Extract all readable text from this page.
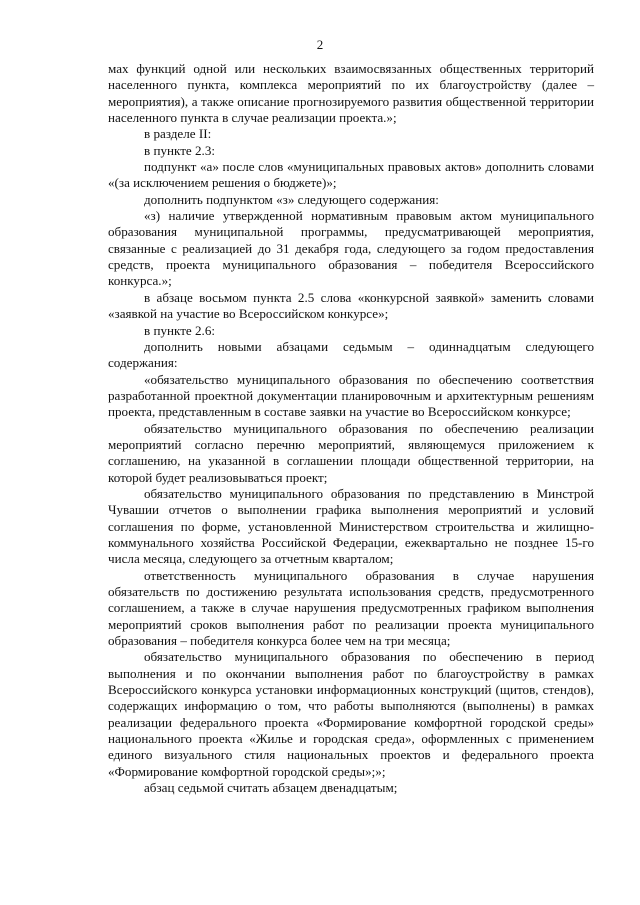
2

мах функций одной или нескольких взаимосвязанных общественных территорий населенного пункта, комплекса мероприятий по их благоустройству (далее – мероприятия), а также описание прогнозируемого развития общественной территории населенного пункта в случае реализации проекта.»;

в разделе II:

в пункте 2.3:

подпункт «а» после слов «муниципальных правовых актов» дополнить словами «(за исключением решения о бюджете)»;

дополнить подпунктом «з» следующего содержания:

«з) наличие утвержденной нормативным правовым актом муниципального образования муниципальной программы, предусматривающей мероприятия, связанные с реализацией до 31 декабря года, следующего за годом предоставления средств, проекта муниципального образования – победителя Всероссийского конкурса.»;

в абзаце восьмом пункта 2.5 слова «конкурсной заявкой» заменить словами «заявкой на участие во Всероссийском конкурсе»;

в пункте 2.6:

дополнить новыми абзацами седьмым – одиннадцатым следующего содержания:

«обязательство муниципального образования по обеспечению соответствия разработанной проектной документации планировочным и архитектурным решениям проекта, представленным в составе заявки на участие во Всероссийском конкурсе;

обязательство муниципального образования по обеспечению реализации мероприятий согласно перечню мероприятий, являющемуся приложением к соглашению, на указанной в соглашении площади общественной территории, на которой будет реализовываться проект;

обязательство муниципального образования по представлению в Минстрой Чувашии отчетов о выполнении графика выполнения мероприятий и условий соглашения по форме, установленной Министерством строительства и жилищно-коммунального хозяйства Российской Федерации, ежеквартально не позднее 15-го числа месяца, следующего за отчетным кварталом;

ответственность муниципального образования в случае нарушения обязательств по достижению результата использования средств, предусмотренного соглашением, а также в случае нарушения предусмотренных графиком выполнения мероприятий сроков выполнения работ по реализации проекта муниципального образования – победителя конкурса более чем на три месяца;

обязательство муниципального образования по обеспечению в период выполнения и по окончании выполнения работ по благоустройству в рамках Всероссийского конкурса установки информационных конструкций (щитов, стендов), содержащих информацию о том, что работы выполняются (выполнены) в рамках реализации федерального проекта «Формирование комфортной городской среды» национального проекта «Жилье и городская среда», оформленных с применением единого визуального стиля национальных проектов и федерального проекта «Формирование комфортной городской среды»;»;

абзац седьмой считать абзацем двенадцатым;
